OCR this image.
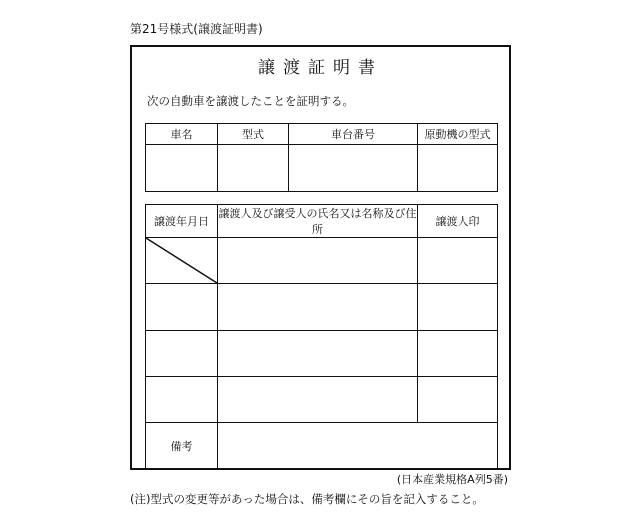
第21号様式(譲渡証明書)
譲渡証明書
次の自動車を譲渡したことを証明する。
車名	型式	車台番号	原動機の型式

譲渡年月日	譲渡人及び譲受人の氏名又は名称及び住所	譲渡人印

備考		
(日本産業規格A列5番)
(注)型式の変更等があった場合は、備考欄にその旨を記入すること。
